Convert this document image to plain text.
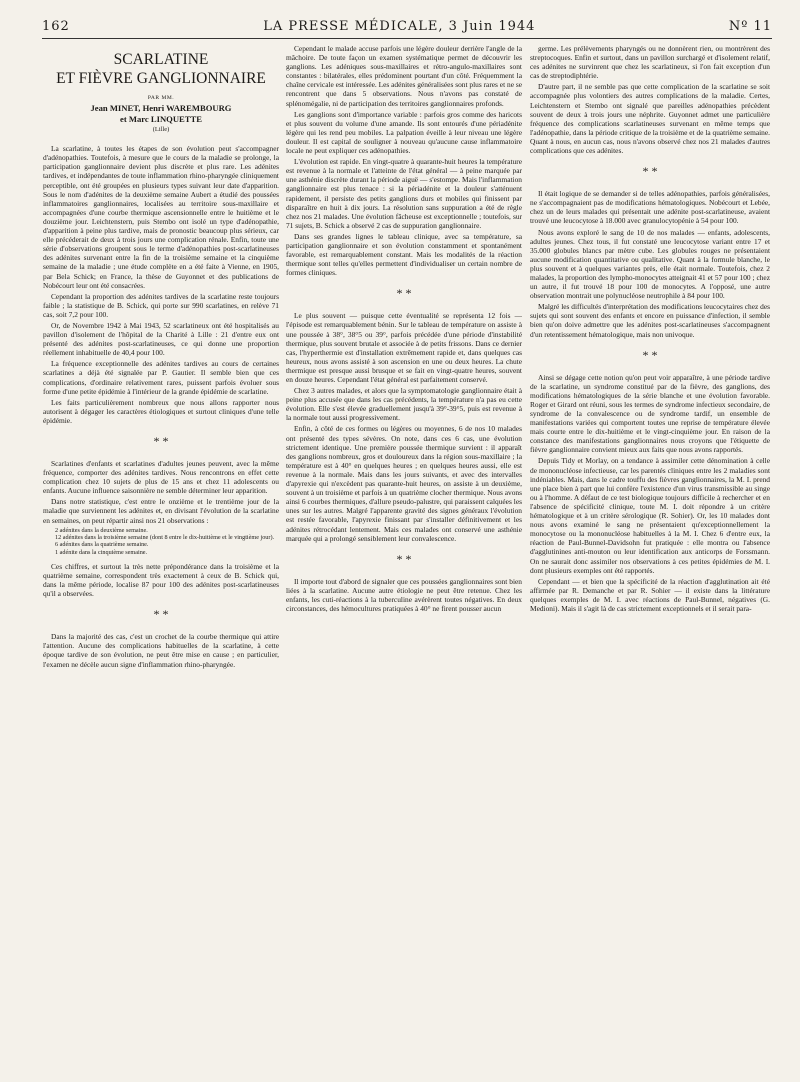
162	LA PRESSE MÉDICALE, 3 Juin 1944	Nº 11
SCARLATINE
ET FIÈVRE GANGLIONNAIRE
PAR MM.
Jean MINET, Henri WAREMBOURG
et Marc LINQUETTE
(Lille)

La scarlatine, à toutes les étapes de son évolution peut s'accompagner d'adénopathies. Toutefois, à mesure que le cours de la maladie se prolonge, la participation ganglionnaire devient plus discrète et plus rare. Les adénites tardives, et indépendantes de toute inflammation rhino-pharyngée cliniquement perceptible, ont été groupées en plusieurs types suivant leur date d'apparition. Sous le nom d'adénites de la deuxième semaine Aubert a étudié des poussées inflammatoires ganglionnaires, localisées au territoire sous-maxillaire et accompagnées d'une courbe thermique ascensionnelle entre le huitième et le douzième jour. Leichtenstern, puis Stembo ont isolé un type d'adénopathie, d'apparition à peine plus tardive, mais de pronostic beaucoup plus sérieux, car elle précéderait de deux à trois jours une complication rénale. Enfin, toute une série d'observations groupent sous le terme d'adénopathies post-scarlatineuses des adénites survenant entre la fin de la troisième semaine et la cinquième semaine de la maladie ; une étude complète en a été faite à Vienne, en 1905, par Bela Schick; en France, la thèse de Guyonnet et des publications de Nobécourt leur ont été consacrées.

Cependant la proportion des adénites tardives de la scarlatine reste toujours faible ; la statistique de B. Schick, qui porte sur 990 scarlatines, en relève 71 cas, soit 7,2 pour 100.

Or, de Novembre 1942 à Mai 1943, 52 scarlatineux ont été hospitalisés au pavillon d'isolement de l'hôpital de la Charité à Lille : 21 d'entre eux ont présenté des adénites post-scarlatineuses, ce qui donne une proportion réellement inhabituelle de 40,4 pour 100.

La fréquence exceptionnelle des adénites tardives au cours de certaines scarlatines a déjà été signalée par P. Gautier. Il semble bien que ces complications, d'ordinaire relativement rares, puissent parfois évoluer sous forme d'une petite épidémie à l'intérieur de la grande épidémie de scarlatine.

Les faits particulièrement nombreux que nous allons rapporter nous autorisent à dégager les caractères étiologiques et surtout cliniques d'une telle épidémie.

* *

Scarlatines d'enfants et scarlatines d'adultes jeunes peuvent, avec la même fréquence, comporter des adénites tardives. Nous rencontrons en effet cette complication chez 10 sujets de plus de 15 ans et chez 11 adolescents ou enfants. Aucune influence saisonnière ne semble déterminer leur apparition.

Dans notre statistique, c'est entre le onzième et le trentième jour de la maladie que surviennent les adénites et, en divisant l'évolution de la scarlatine en semaines, on peut répartir ainsi nos 21 observations :

2 adénites dans la deuxième semaine.
12 adénites dans la troisième semaine (dont 8 entre le dix-huitième et le vingtième jour).
6 adénites dans la quatrième semaine.
1 adénite dans la cinquième semaine.

Ces chiffres, et surtout la très nette prépondérance dans la troisième et la quatrième semaine, correspondent très exactement à ceux de B. Schick qui, dans la même période, localise 87 pour 100 des adénites post-scarlatineuses qu'il a observées.

* *

Dans la majorité des cas, c'est un crochet de la courbe thermique qui attire l'attention. Aucune des complications habituelles de la scarlatine, à cette époque tardive de son évolution, ne peut être mise en cause ; en particulier, l'examen ne décèle aucun signe d'inflammation rhino-pharyngée.

Cependant le malade accuse parfois une légère douleur derrière l'angle de la mâchoire. De toute façon un examen systématique permet de découvrir les ganglions. Les adéniques sous-maxillaires et rétro-angulo-maxillaires sont constantes : bilatérales, elles prédominent pourtant d'un côté. Fréquemment la chaîne cervicale est intéressée. Les adénites généralisées sont plus rares et ne se rencontrent que dans 5 observations. Nous n'avons pas constaté de splénomégalie, ni de participation des territoires ganglionnaires profonds.

Les ganglions sont d'importance variable : parfois gros comme des haricots et plus souvent du volume d'une amande. Ils sont entourés d'une périadénite légère qui les rend peu mobiles. La palpation éveille à leur niveau une légère douleur. Il est capital de souligner à nouveau qu'aucune cause inflammatoire locale ne peut expliquer ces adénopathies.

L'évolution est rapide. En vingt-quatre à quarante-huit heures la température est revenue à la normale et l'atteinte de l'état général — à peine marquée par une asthénie discrète durant la période aiguë — s'estompe. Mais l'inflammation ganglionnaire est plus tenace : si la périadénite et la douleur s'atténuent rapidement, il persiste des petits ganglions durs et mobiles qui finissent par disparaître en huit à dix jours. La résolution sans suppuration a été de règle chez nos 21 malades. Une évolution fâcheuse est exceptionnelle ; toutefois, sur 71 sujets, B. Schick a observé 2 cas de suppuration ganglionnaire.

Dans ses grandes lignes le tableau clinique, avec sa température, sa participation ganglionnaire et son évolution constamment et spontanément favorable, est remarquablement constant. Mais les modalités de la réaction thermique sont telles qu'elles permettent d'individualiser un certain nombre de formes cliniques.

* *

Le plus souvent — puisque cette éventualité se représenta 12 fois — l'épisode est remarquablement bénin. Sur le tableau de température on assiste à une poussée à 38°, 38°5 ou 39°, parfois précédée d'une période d'instabilité thermique, plus souvent brutale et associée à de petits frissons. Dans ce dernier cas, l'hyperthermie est d'installation extrêmement rapide et, dans quelques cas heureux, nous avons assisté à son ascension en une ou deux heures. La chute thermique est presque aussi brusque et se fait en vingt-quatre heures, souvent en douze heures. Cependant l'état général est parfaitement conservé.

Chez 3 autres malades, et alors que la symptomatologie ganglionnaire était à peine plus accusée que dans les cas précédents, la température n'a pas eu cette évolution. Elle s'est élevée graduellement jusqu'à 39°-39°5, puis est revenue à la normale tout aussi progressivement.

Enfin, à côté de ces formes ou légères ou moyennes, 6 de nos 10 malades ont présenté des types sévères. On note, dans ces 6 cas, une évolution strictement identique. Une première poussée thermique survient : il apparaît des ganglions nombreux, gros et douloureux dans la région sous-maxillaire ; la température est à 40° en quelques heures ; en quelques heures aussi, elle est revenue à la normale. Mais dans les jours suivants, et avec des intervalles d'apyrexie qui n'excèdent pas quarante-huit heures, on assiste à un deuxième, souvent à un troisième et parfois à un quatrième clocher thermique. Nous avons ainsi 6 courbes thermiques, d'allure pseudo-palustre, qui paraissent calquées les unes sur les autres. Malgré l'apparente gravité des signes généraux l'évolution est restée favorable, l'apyrexie finissant par s'installer définitivement et les adénites rétrocédant lentement. Mais ces malades ont conservé une asthénie marquée qui a prolongé sensiblement leur convalescence.

* *

Il importe tout d'abord de signaler que ces poussées ganglionnaires sont bien liées à la scarlatine. Aucune autre étiologie ne peut être retenue. Chez les enfants, les cuti-réactions à la tuberculine avérèrent toutes négatives. En deux circonstances, des hémocultures pratiquées à 40° ne firent pousser aucun

germe. Les prélèvements pharyngés ou ne donnèrent rien, ou montrèrent des streptocoques. Enfin et surtout, dans un pavillon surchargé et d'isolement relatif, ces adénites ne survinrent que chez les scarlatineux, si l'on fait exception d'un cas de streptodiphtérie.

D'autre part, il ne semble pas que cette complication de la scarlatine se soit accompagnée plus volontiers des autres complications de la maladie. Certes, Leichtenstern et Stembo ont signalé que pareilles adénopathies précèdent souvent de deux à trois jours une néphrite. Guyonnet admet une particulière fréquence des complications scarlatineuses survenant en même temps que l'adénopathie, dans la période critique de la troisième et de la quatrième semaine. Quant à nous, en aucun cas, nous n'avons observé chez nos 21 malades d'autres complications que ces adénites.

* *

Il était logique de se demander si de telles adénopathies, parfois généralisées, ne s'accompagnaient pas de modifications hématologiques. Nobécourt et Lebée, chez un de leurs malades qui présentait une adénite post-scarlatineuse, avaient trouvé une leucocytose à 18.000 avec granulocytopénie à 54 pour 100.

Nous avons exploré le sang de 10 de nos malades — enfants, adolescents, adultes jeunes. Chez tous, il fut constaté une leucocytose variant entre 17 et 35.000 globules blancs par mètre cube. Les globules rouges ne présentaient aucune modification quantitative ou qualitative. Quant à la formule blanche, le plus souvent et à quelques variantes près, elle était normale. Toutefois, chez 2 malades, la proportion des lympho-monocytes atteignait 41 et 57 pour 100 ; chez un autre, il fut trouvé 18 pour 100 de monocytes. A l'opposé, une autre observation montrait une polynucléose neutrophile à 84 pour 100.

Malgré les difficultés d'interprétation des modifications leucocytaires chez des sujets qui sont souvent des enfants et encore en puissance d'infection, il semble bien qu'on doive admettre que les adénites post-scarlatineuses s'accompagnent d'un retentissement hématologique, mais non univoque.

* *

Ainsi se dégage cette notion qu'on peut voir apparaître, à une période tardive de la scarlatine, un syndrome constitué par de la fièvre, des ganglions, des modifications hématologiques de la série blanche et une évolution favorable. Roger et Girard ont réuni, sous les termes de syndrome infectieux secondaire, de syndrome de la convalescence ou de syndrome tardif, un ensemble de manifestations variées qui comportent toutes une reprise de température élevée mais courte entre le dix-huitième et le vingt-cinquième jour. En raison de la constance des manifestations ganglionnaires nous croyons que l'étiquette de fièvre ganglionnaire convient mieux aux faits que nous avons rapportés.

Depuis Tidy et Morlay, on a tendance à assimiler cette dénomination à celle de mononucléose infectieuse, car les parentés cliniques entre les 2 maladies sont indéniables. Mais, dans le cadre touffu des fièvres ganglionnaires, la M. I. prend une place bien à part que lui confère l'existence d'un virus transmissible au singe ou à l'homme. A défaut de ce test biologique toujours difficile à rechercher et en l'absence de spécificité clinique, toute M. I. doit répondre à un critère hématologique et à un critère sérologique (R. Sohier). Or, les 10 malades dont nous avons examiné le sang ne présentaient qu'exceptionnellement la monocytose ou la mononucléose habituelles à la M. I. Chez 6 d'entre eux, la réaction de Paul-Bunnel-Davidsohn fut pratiquée : elle montra ou l'absence d'agglutinines anti-mouton ou leur identification aux anticorps de Forssmann. On ne saurait donc assimiler nos observations à ces petites épidémies de M. I. dont plusieurs exemples ont été rapportés.

Cependant — et bien que la spécificité de la réaction d'agglutination ait été affirmée par R. Demanche et par R. Sohier — il existe dans la littérature quelques exemples de M. I. avec réactions de Paul-Bunnel, négatives (G. Medioni). Mais il s'agit là de cas strictement exceptionnels et il serait para-
